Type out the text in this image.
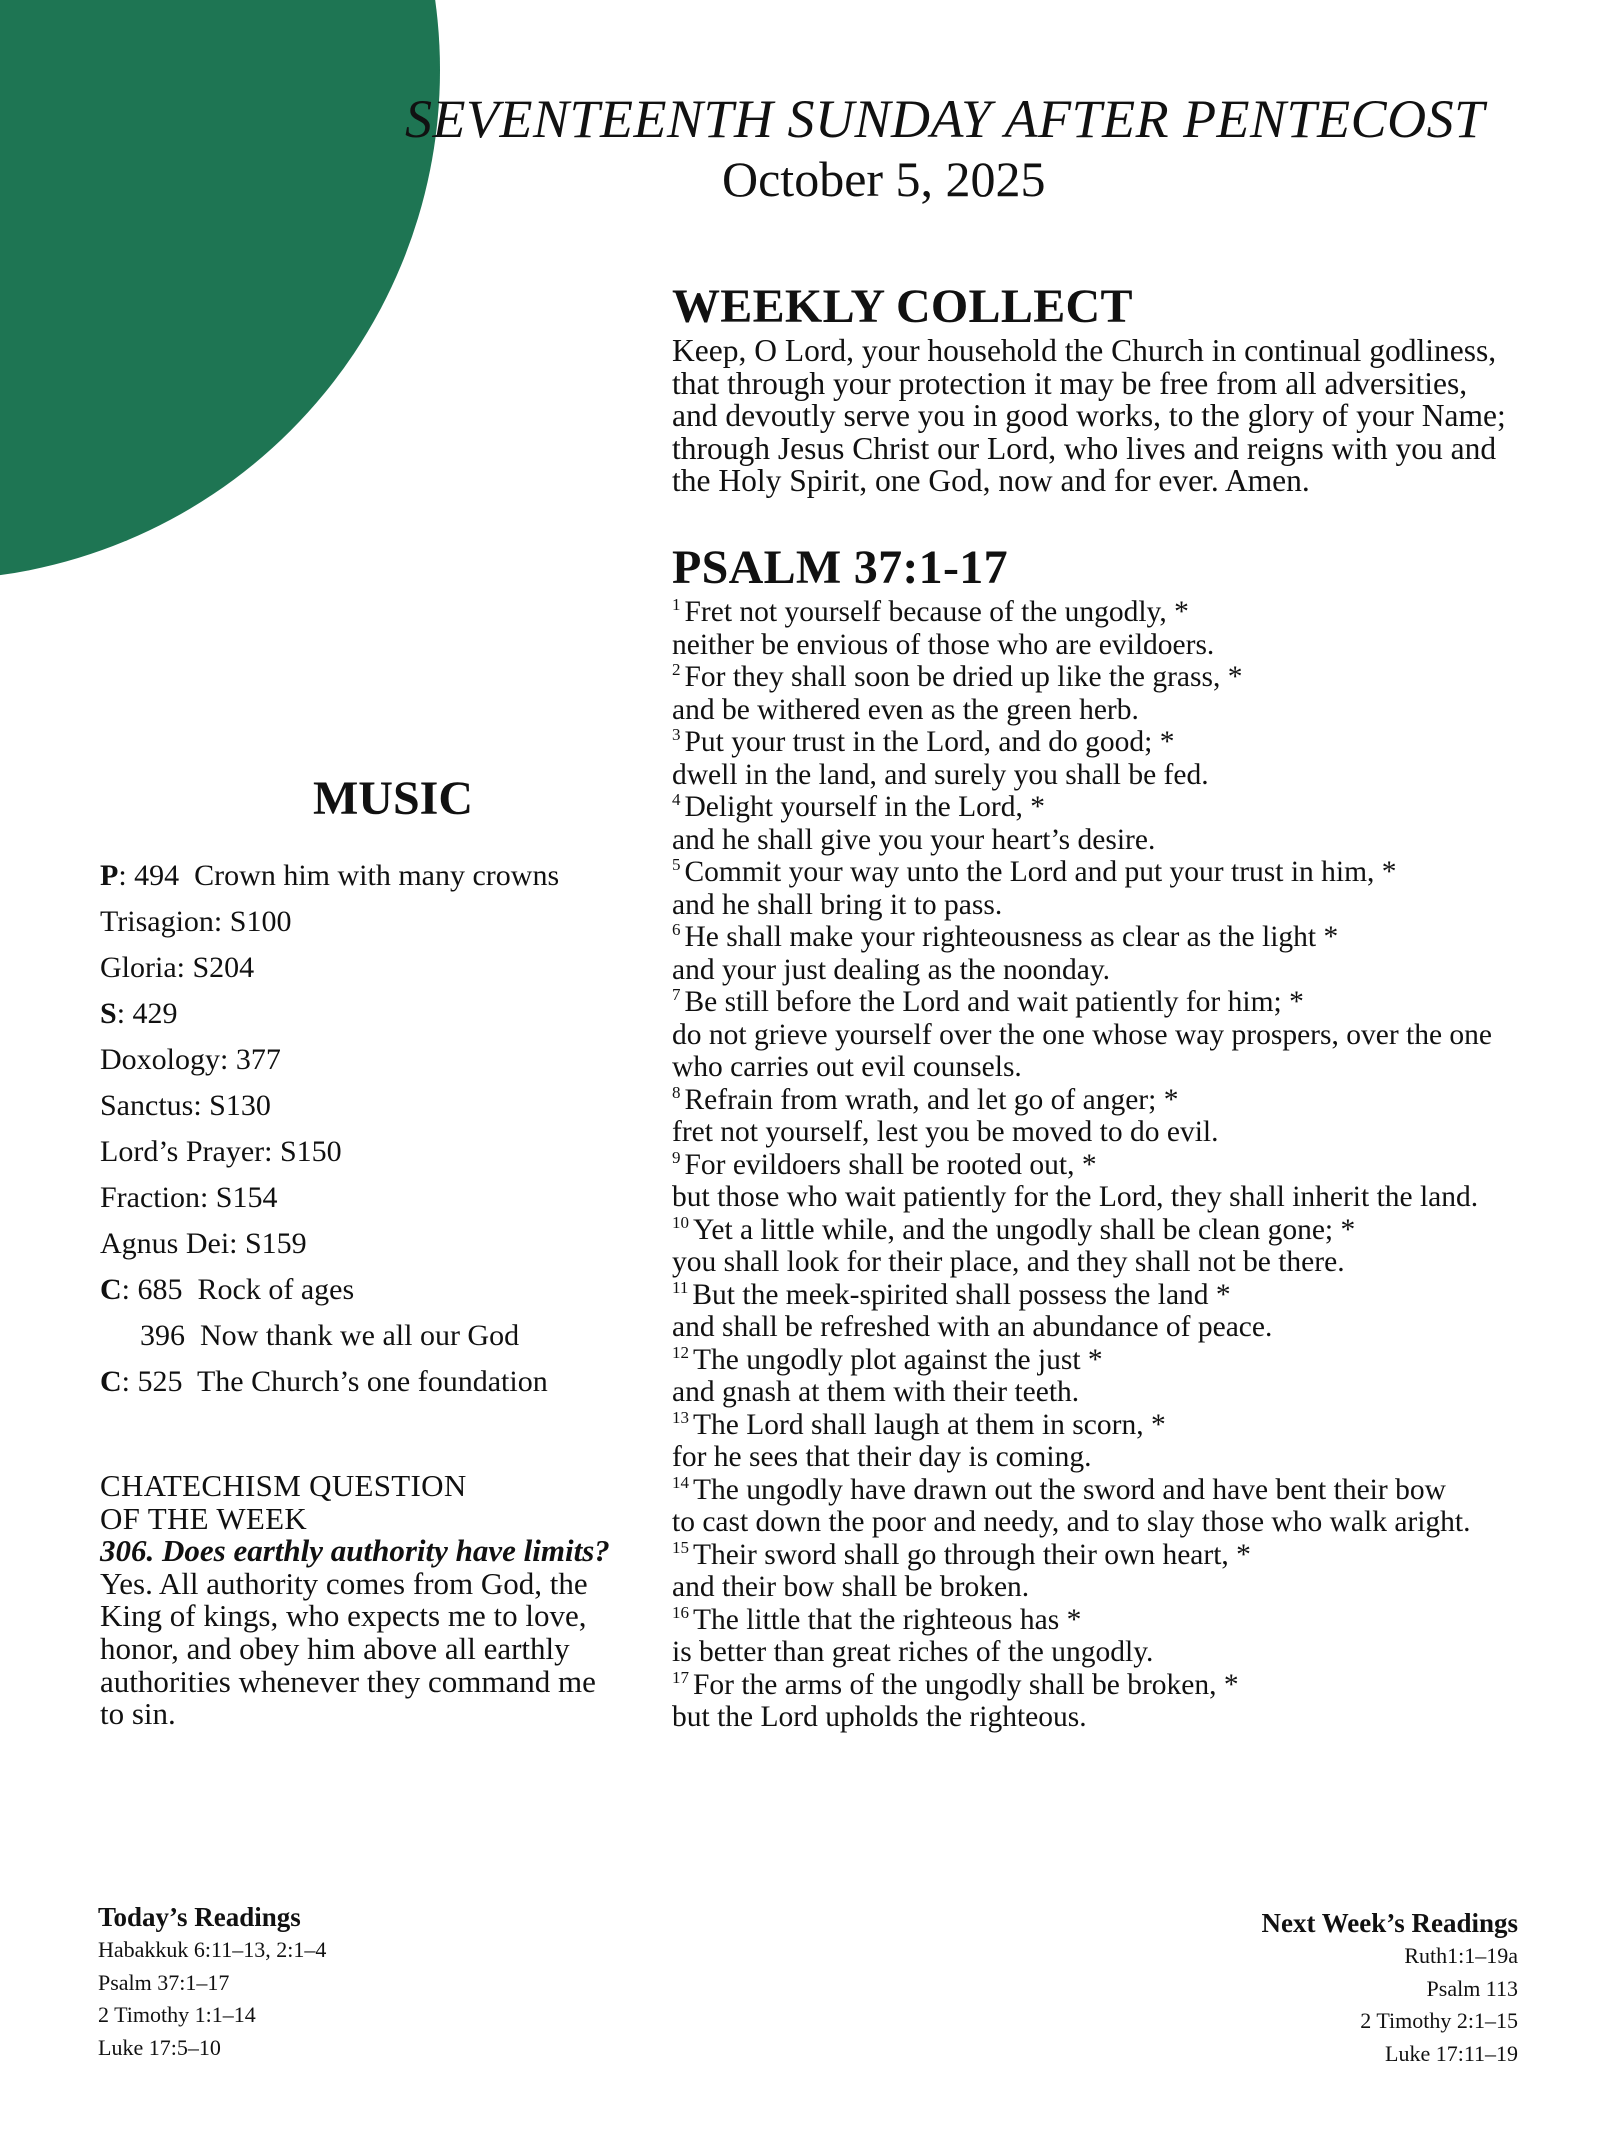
SEVENTEENTH SUNDAY AFTER PENTECOST
October 5, 2025
WEEKLY COLLECT
Keep, O Lord, your household the Church in continual godliness,
that through your protection it may be free from all adversities,
and devoutly serve you in good works, to the glory of your Name;
through Jesus Christ our Lord, who lives and reigns with you and
the Holy Spirit, one God, now and for ever. Amen.
PSALM 37:1-17
$^1$ Fret not yourself because of the ungodly, *
neither be envious of those who are evildoers.
$^2$ For they shall soon be dried up like the grass, *
and be withered even as the green herb.
$^3$ Put your trust in the Lord, and do good; *
dwell in the land, and surely you shall be fed.
$^4$ Delight yourself in the Lord, *
and he shall give you your heart’s desire.
$^5$ Commit your way unto the Lord and put your trust in him, *
and he shall bring it to pass.
$^6$ He shall make your righteousness as clear as the light *
and your just dealing as the noonday.
$^7$ Be still before the Lord and wait patiently for him; *
do not grieve yourself over the one whose way prospers, over the one who carries out evil counsels.
$^8$ Refrain from wrath, and let go of anger; *
fret not yourself, lest you be moved to do evil.
$^9$ For evildoers shall be rooted out, *
but those who wait patiently for the Lord, they shall inherit the land.
$^{10}$ Yet a little while, and the ungodly shall be clean gone; *
you shall look for their place, and they shall not be there.
$^{11}$ But the meek-spirited shall possess the land *
and shall be refreshed with an abundance of peace.
$^{12}$ The ungodly plot against the just *
and gnash at them with their teeth.
$^{13}$ The Lord shall laugh at them in scorn, *
for he sees that their day is coming.
$^{14}$ The ungodly have drawn out the sword and have bent their bow
to cast down the poor and needy, and to slay those who walk aright.
$^{15}$ Their sword shall go through their own heart, *
and their bow shall be broken.
$^{16}$ The little that the righteous has *
is better than great riches of the ungodly.
$^{17}$ For the arms of the ungodly shall be broken, *
but the Lord upholds the righteous.
MUSIC
P: 494  Crown him with many crowns
Trisagion: S100
Gloria: S204
S: 429
Doxology: 377
Sanctus: S130
Lord’s Prayer: S150
Fraction: S154
Agnus Dei: S159
C: 685  Rock of ages
396  Now thank we all our God
C: 525  The Church’s one foundation
CHATECHISM QUESTION
OF THE WEEK
306. Does earthly authority have limits?
Yes. All authority comes from God, the King of kings, who expects me to love, honor, and obey him above all earthly authorities whenever they command me to sin.
Today’s Readings
Habakkuk 6:11–13, 2:1–4
Psalm 37:1–17
2 Timothy 1:1–14
Luke 17:5–10
Next Week’s Readings
Ruth1:1–19a
Psalm 113
2 Timothy 2:1–15
Luke 17:11–19
